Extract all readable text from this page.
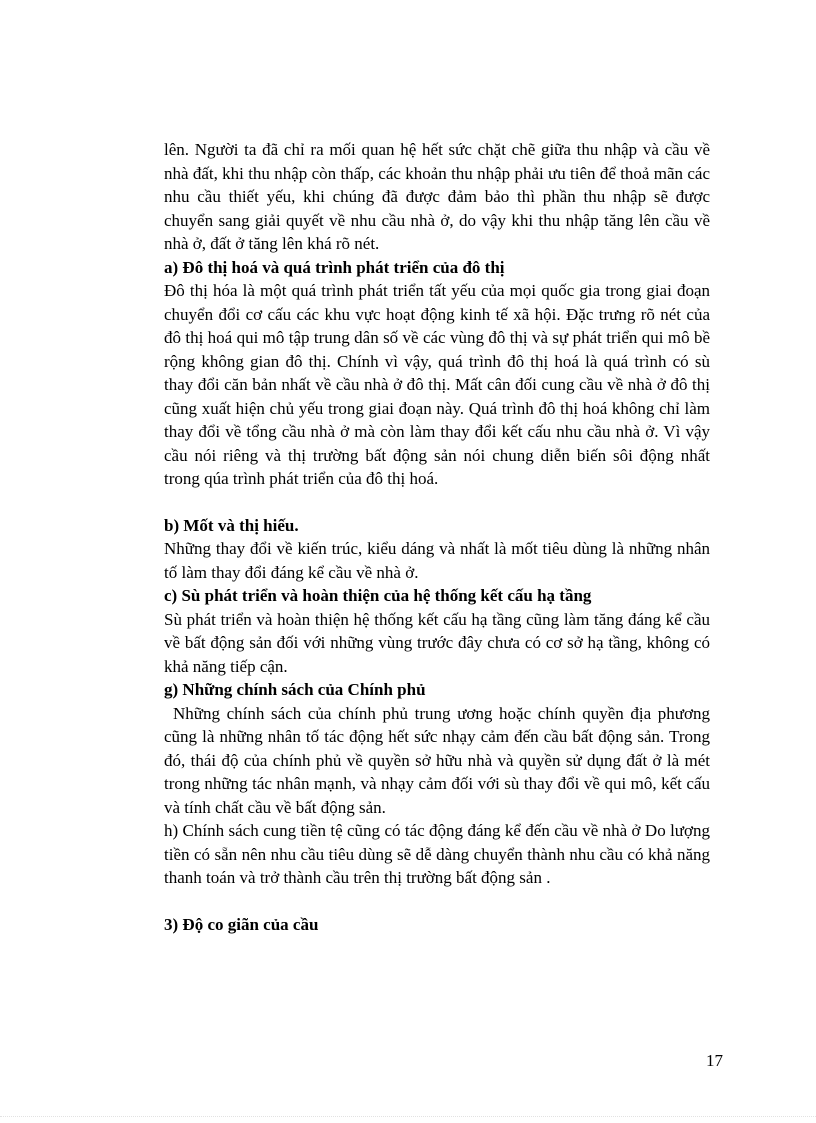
lên. Người ta đã chỉ ra mối quan hệ hết sức chặt chẽ giữa thu nhập và cầu về nhà đất, khi thu nhập còn thấp, các khoản thu nhập phải ưu tiên để thoả mãn các nhu cầu thiết yếu, khi chúng đã được đảm bảo thì phần thu nhập sẽ được chuyển sang giải quyết về nhu cầu nhà ở, do vậy khi thu nhập tăng lên cầu về nhà ở, đất ở tăng lên khá rõ nét.

a) Đô thị hoá và quá trình phát triển của đô thị

Đô thị hóa là một quá trình phát triển tất yếu của mọi quốc gia trong giai đoạn chuyển đổi cơ cấu các khu vực hoạt động kinh tế xã hội. Đặc trưng rõ nét của đô thị hoá qui mô tập trung dân số về các vùng đô thị và sự phát triển qui mô bề rộng không gian đô thị. Chính vì vậy, quá trình đô thị hoá là quá trình có sù thay đổi căn bản nhất về cầu nhà ở đô thị. Mất cân đối cung cầu về nhà ở đô thị cũng xuất hiện chủ yếu trong giai đoạn này. Quá trình đô thị hoá không chỉ làm thay đổi về tổng cầu nhà ở mà còn làm thay đổi kết cấu nhu cầu nhà ở. Vì vậy cầu nói riêng và thị trường bất động sản nói chung diễn biến sôi động nhất trong qúa trình phát triển của đô thị hoá.

b) Mốt và thị hiếu.

Những thay đổi về kiến trúc, kiểu dáng và nhất là mốt tiêu dùng là những nhân tố làm thay đổi đáng kể cầu về nhà ở.

c) Sù phát triển và hoàn thiện của hệ thống kết cấu hạ tầng

Sù phát triển và hoàn thiện hệ thống kết cấu hạ tầng cũng làm tăng đáng kể cầu về bất động sản đối với những vùng trước đây chưa có cơ sở hạ tầng, không có khả năng tiếp cận.

g) Những chính sách của Chính phủ

Những chính sách của chính phủ trung ương hoặc chính quyền địa phương cũng là những nhân tố tác động hết sức nhạy cảm đến cầu bất động sản. Trong đó, thái độ của chính phủ về quyền sở hữu nhà và quyền sử dụng đất ở là mét trong những tác nhân mạnh, và nhạy cảm đối với sù thay đổi về qui mô, kết cấu và tính chất cầu về bất động sản.

h) Chính sách cung tiền tệ cũng có tác động đáng kể đến cầu về nhà ở Do lượng tiền có sẵn nên nhu cầu tiêu dùng sẽ dễ dàng chuyển thành nhu cầu có khả năng thanh toán và trở thành cầu trên thị trường bất động sản .

3) Độ co giãn của cầu

17
